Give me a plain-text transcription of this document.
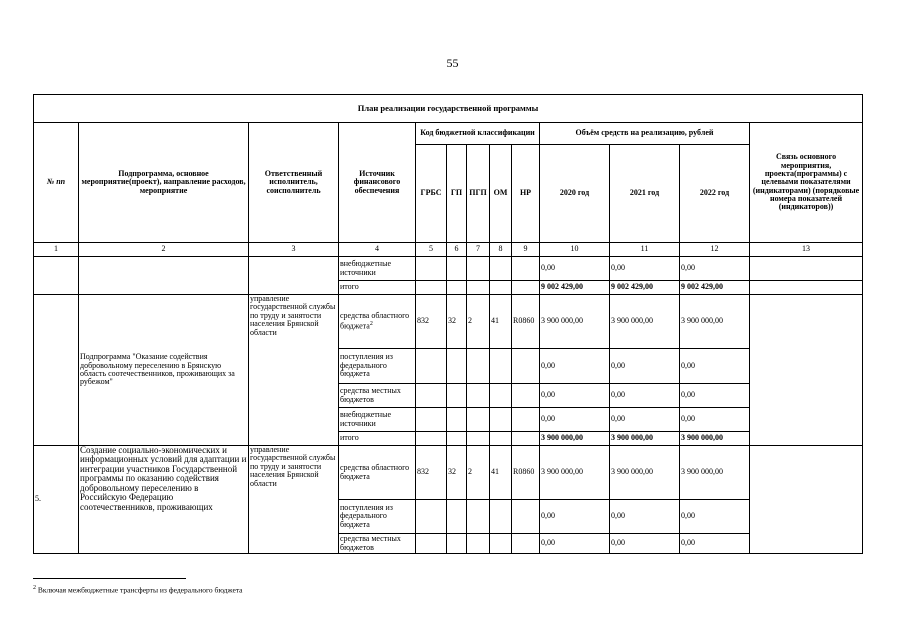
55
План реализации государственной программы												
№ пп	Подпрограмма, основное мероприятие(проект), направление расходов, мероприятие	Ответственный исполнитель, соисполнитель	Источник финансового обеспечения	Код бюджетной классификации					Объём средств на реализацию, рублей			Связь основного мероприятия, проекта(программы) с целевыми показателями (индикаторами) (порядковые номера показателей (индикаторов))
				ГРБС	ГП	ПГП	ОМ	НР	2020 год	2021 год	2022 год	
1	2	3	4	5	6	7	8	9	10	11	12	13
			внебюджетные источники						0,00	0,00	0,00	
			итого						9 002 429,00	9 002 429,00	9 002 429,00	
	Подпрограмма "Оказание содействия добровольному переселению в Брянскую область соотечественников, проживающих за рубежом"	управление государственной службы по труду и занятости населения Брянской области	средства областного бюджета$^2$	832	32	2	41	R0860	3 900 000,00	3 900 000,00	3 900 000,00	
			поступления из федерального бюджета						0,00	0,00	0,00	
			средства местных бюджетов						0,00	0,00	0,00	
			внебюджетные источники						0,00	0,00	0,00	
			итого						3 900 000,00	3 900 000,00	3 900 000,00	
5.	Создание социально-экономических и информационных условий для адаптации и интеграции участников Государственной программы по оказанию содействия добровольному переселению в Российскую Федерацию соотечественников, проживающих	управление государственной службы по труду и занятости населения Брянской области	средства областного бюджета	832	32	2	41	R0860	3 900 000,00	3 900 000,00	3 900 000,00	
			поступления из федерального бюджета						0,00	0,00	0,00	
			средства местных бюджетов						0,00	0,00	0,00	
$^2$ Включая межбюджетные трансферты из федерального бюджета
